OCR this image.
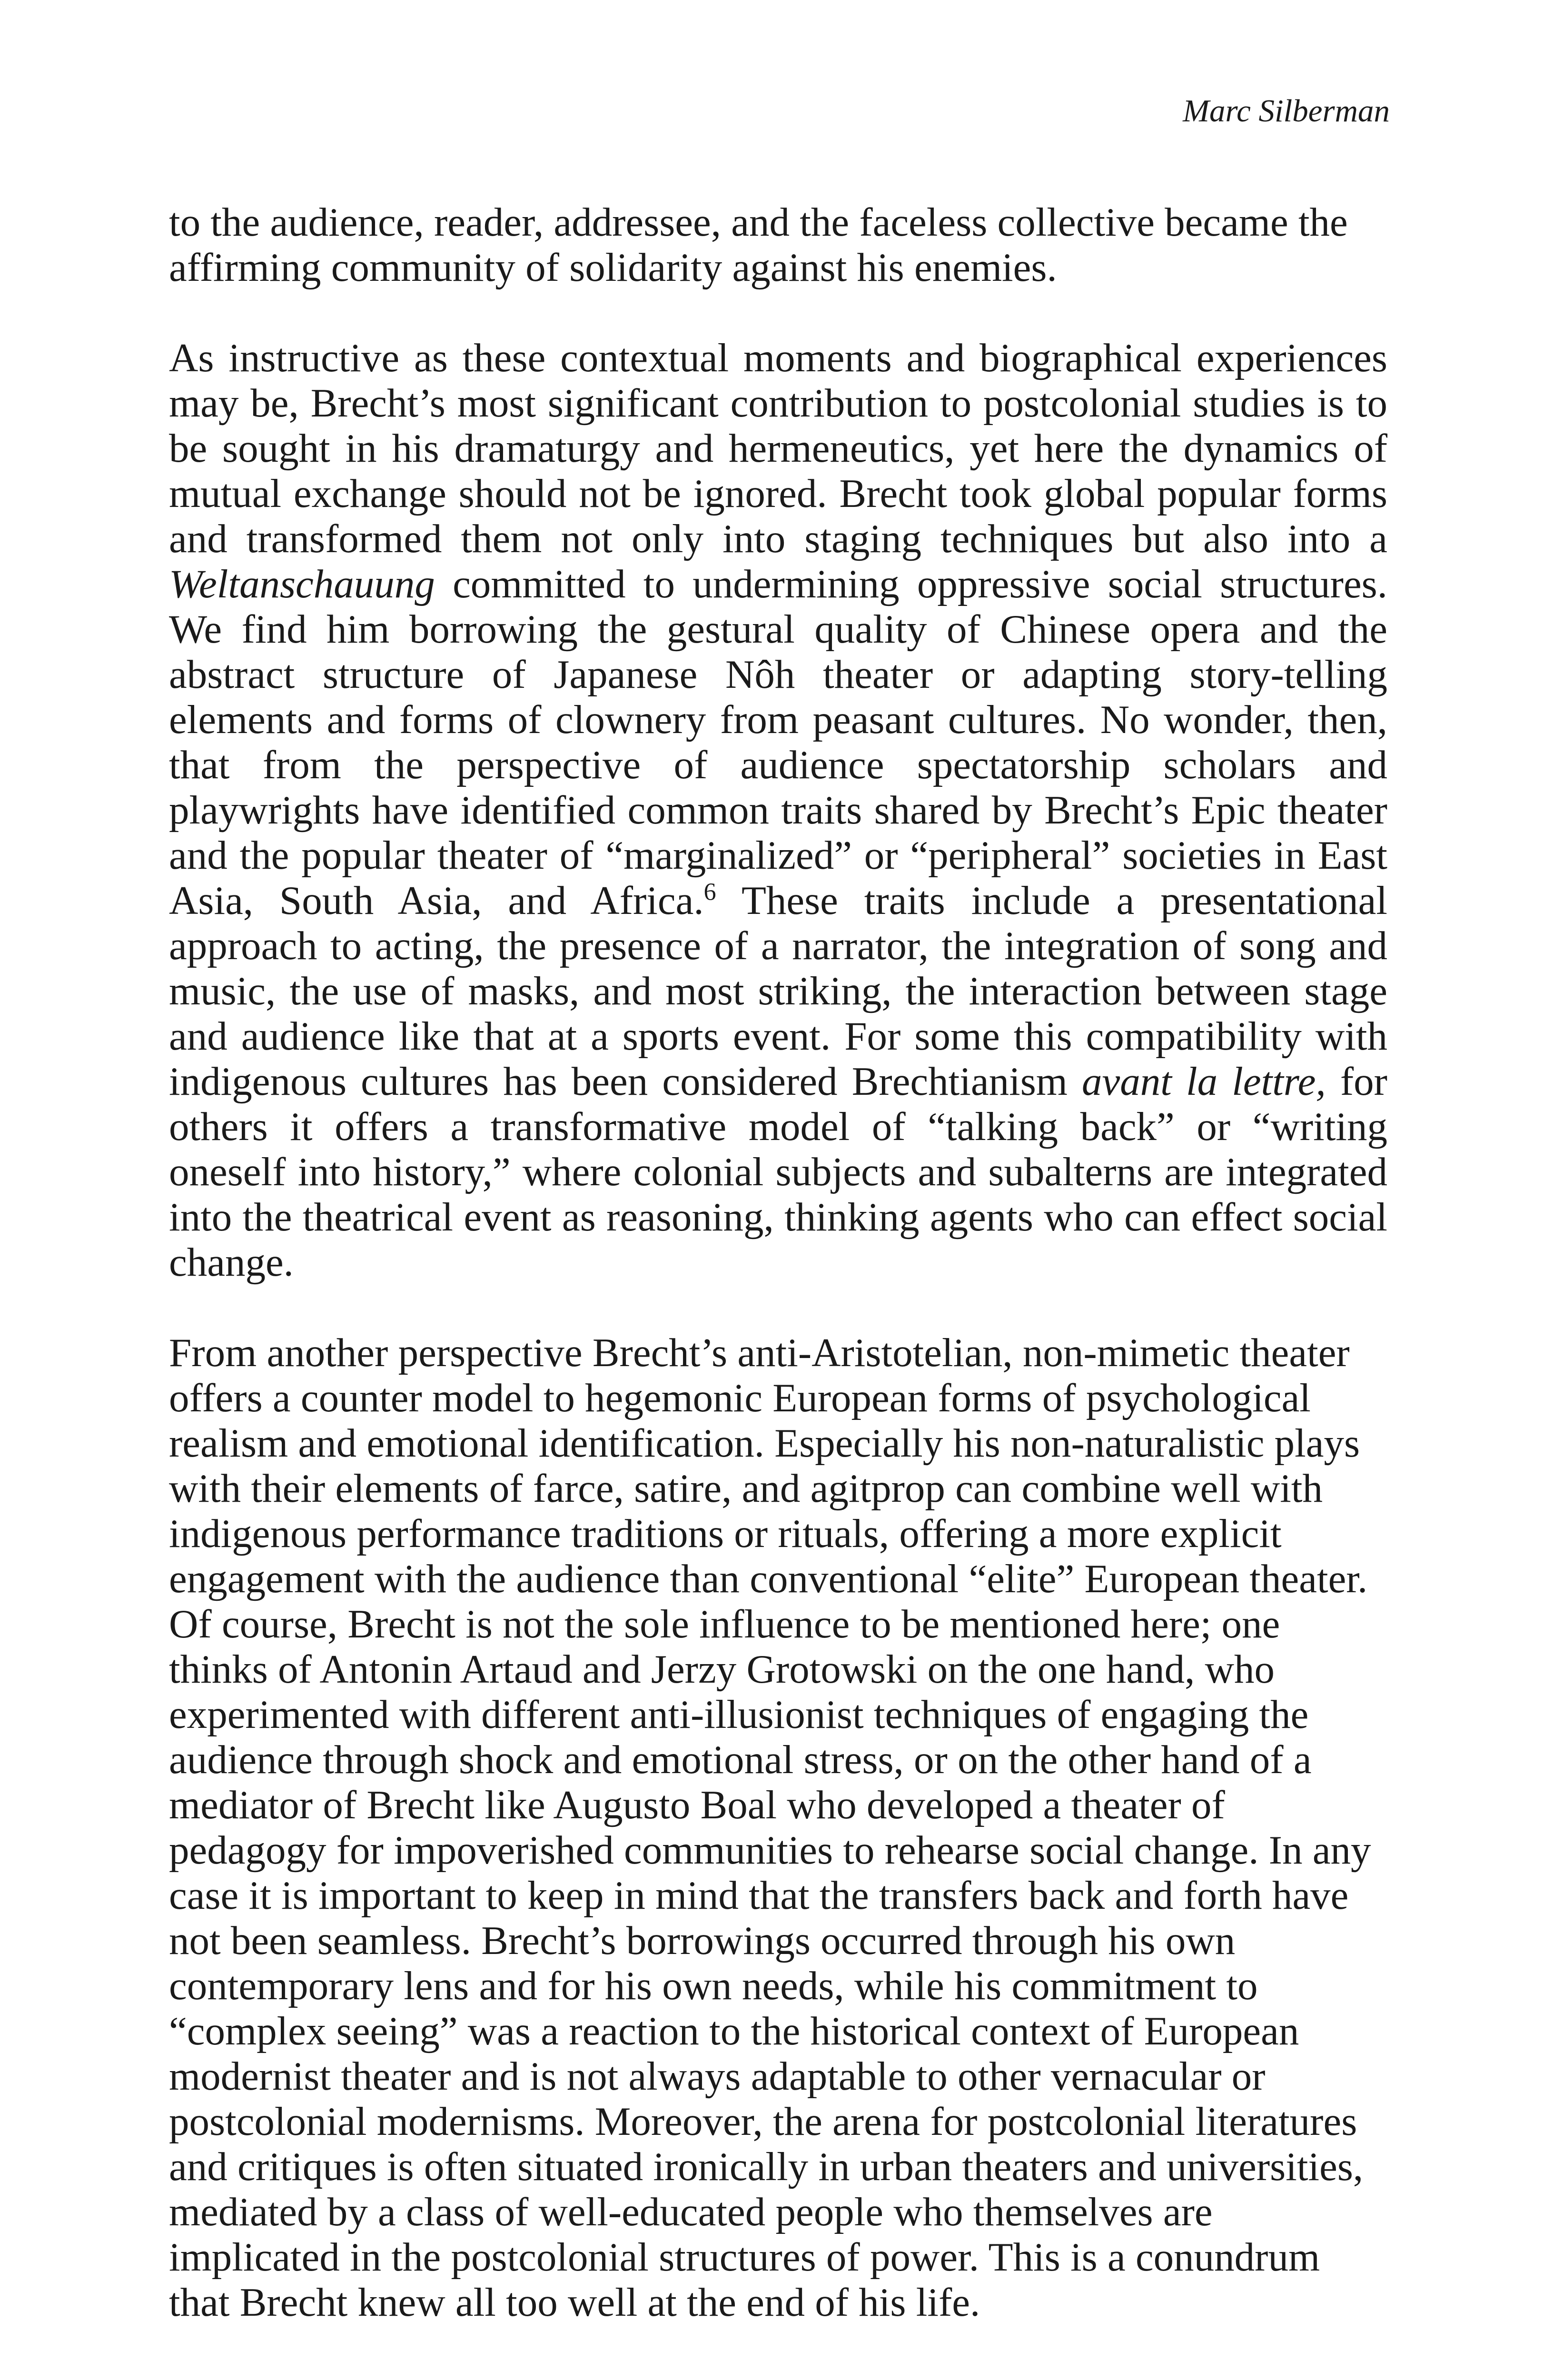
Marc Silberman

to the audience, reader, addressee, and the faceless collective became the affirming community of solidarity against his enemies.

As instructive as these contextual moments and biographical experiences may be, Brecht’s most significant contribution to postcolonial studies is to be sought in his dramaturgy and hermeneutics, yet here the dynamics of mutual exchange should not be ignored. Brecht took global popular forms and transformed them not only into staging techniques but also into a Weltanschauung committed to undermining oppressive social structures. We find him borrowing the gestural quality of Chinese opera and the abstract structure of Japanese Nôh theater or adapting story-telling elements and forms of clownery from peasant cultures. No wonder, then, that from the perspective of audience spectatorship scholars and playwrights have identified common traits shared by Brecht’s Epic theater and the popular theater of “marginalized” or “peripheral” societies in East Asia, South Asia, and Africa.$^6$ These traits include a presentational approach to acting, the presence of a narrator, the integration of song and music, the use of masks, and most striking, the interaction between stage and audience like that at a sports event. For some this compatibility with indigenous cultures has been considered Brechtianism avant la lettre, for others it offers a transformative model of “talking back” or “writing oneself into history,” where colonial subjects and subalterns are integrated into the theatrical event as reasoning, thinking agents who can effect social change.

From another perspective Brecht’s anti-Aristotelian, non-mimetic theater offers a counter model to hegemonic European forms of psychological realism and emotional identification. Especially his non-naturalistic plays with their elements of farce, satire, and agitprop can combine well with indigenous performance traditions or rituals, offering a more explicit engagement with the audience than conventional “elite” European theater. Of course, Brecht is not the sole influence to be mentioned here; one thinks of Antonin Artaud and Jerzy Grotowski on the one hand, who experimented with different anti-illusionist techniques of engaging the audience through shock and emotional stress, or on the other hand of a mediator of Brecht like Augusto Boal who developed a theater of pedagogy for impoverished communities to rehearse social change. In any case it is important to keep in mind that the transfers back and forth have not been seamless. Brecht’s borrowings occurred through his own contemporary lens and for his own needs, while his commitment to “complex seeing” was a reaction to the historical context of European modernist theater and is not always adaptable to other vernacular or postcolonial modernisms. Moreover, the arena for postcolonial literatures and critiques is often situated ironically in urban theaters and universities, mediated by a class of well-educated people who themselves are implicated in the postcolonial structures of power. This is a conundrum that Brecht knew all too well at the end of his life.
